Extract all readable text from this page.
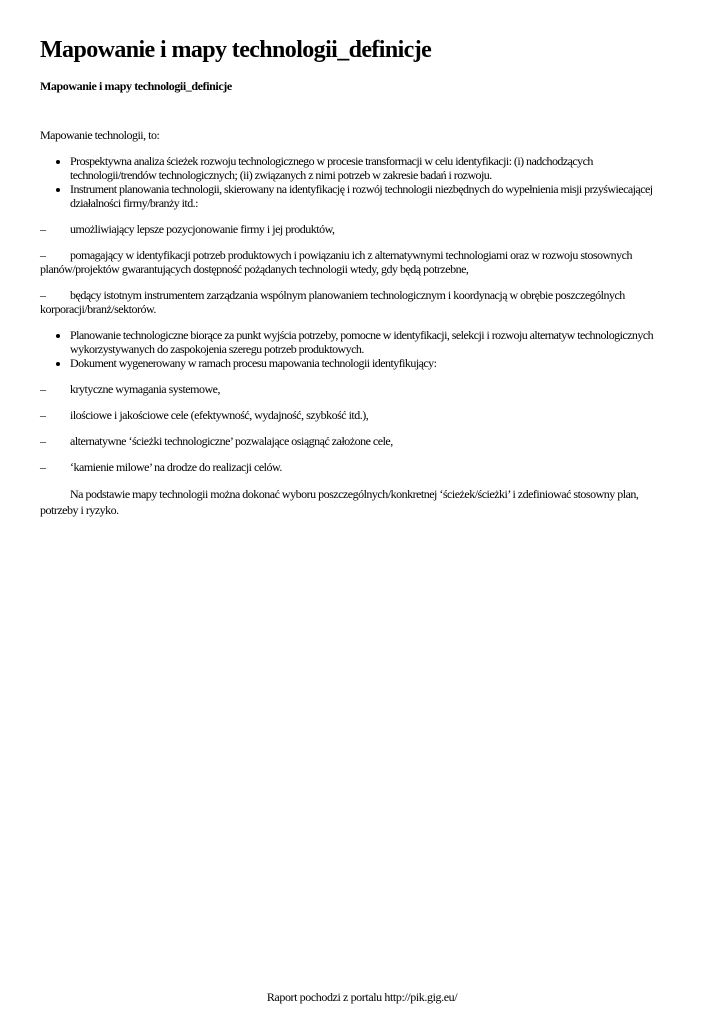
Mapowanie i mapy technologii_definicje
Mapowanie i mapy technologii_definicje

Mapowanie technologii, to:

• Prospektywna analiza ścieżek rozwoju technologicznego w procesie transformacji w celu identyfikacji: (i) nadchodzących technologii/trendów technologicznych; (ii) związanych z nimi potrzeb w zakresie badań i rozwoju.
• Instrument planowania technologii, skierowany na identyfikację i rozwój technologii niezbędnych do wypełnienia misji przyświecającej działalności firmy/branży itd.:

– umożliwiający lepsze pozycjonowanie firmy i jej produktów,

– pomagający w identyfikacji potrzeb produktowych i powiązaniu ich z alternatywnymi technologiami oraz w rozwoju stosownych planów/projektów gwarantujących dostępność pożądanych technologii wtedy, gdy będą potrzebne,

– będący istotnym instrumentem zarządzania wspólnym planowaniem technologicznym i koordynacją w obrębie poszczególnych korporacji/branż/sektorów.

• Planowanie technologiczne biorące za punkt wyjścia potrzeby, pomocne w identyfikacji, selekcji i rozwoju alternatyw technologicznych wykorzystywanych do zaspokojenia szeregu potrzeb produktowych.
• Dokument wygenerowany w ramach procesu mapowania technologii identyfikujący:

– krytyczne wymagania systemowe,

– ilościowe i jakościowe cele (efektywność, wydajność, szybkość itd.),

– alternatywne ‘ścieżki technologiczne’ pozwalające osiągnąć założone cele,

– ‘kamienie milowe’ na drodze do realizacji celów.

Na podstawie mapy technologii można dokonać wyboru poszczególnych/konkretnej ‘ścieżek/ścieżki’ i zdefiniować stosowny plan, potrzeby i ryzyko.

Raport pochodzi z portalu http://pik.gig.eu/
